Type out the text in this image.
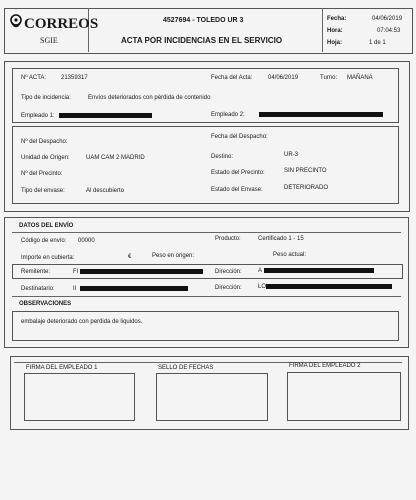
CORREOS
SGIE
4527694 - TOLEDO UR 3
ACTA POR INCIDENCIAS EN EL SERVICIO
Fecha:	04/06/2019
Hora:	07:04:53
Hoja:	1 de 1
Nº ACTA: 21359317	Fecha del Acta:	04/06/2019	Turno: MAÑANA
Tipo de incidencia:	Envíos deteriorados con pérdida de contenido
Empleado 1:	Empleado 2:
Nº del Despacho:
Fecha del Despacho:
Unidad de Origen:	UAM CAM 2 MADRID	Destino:	UR-3
Nº del Precinto:	Estado del Precinto:	SIN PRECINTO
Tipo del envase:	Al descubierto	Estado del Envase:	DETERIORADO
DATOS DEL ENVÍO
Código de envío: 00000	Producto:	Certificado 1 - 15
Importe en cubierta:	€	Peso en origen:	Peso actual:
Remitente:	Fl	Dirección:	A
Destinatario:	Il	Dirección:	LO
OBSERVACIONES
embalaje deteriorado con perdida de liquidos.
FIRMA DEL EMPLEADO 1	SELLO DE FECHAS	FIRMA DEL EMPLEADO 2
